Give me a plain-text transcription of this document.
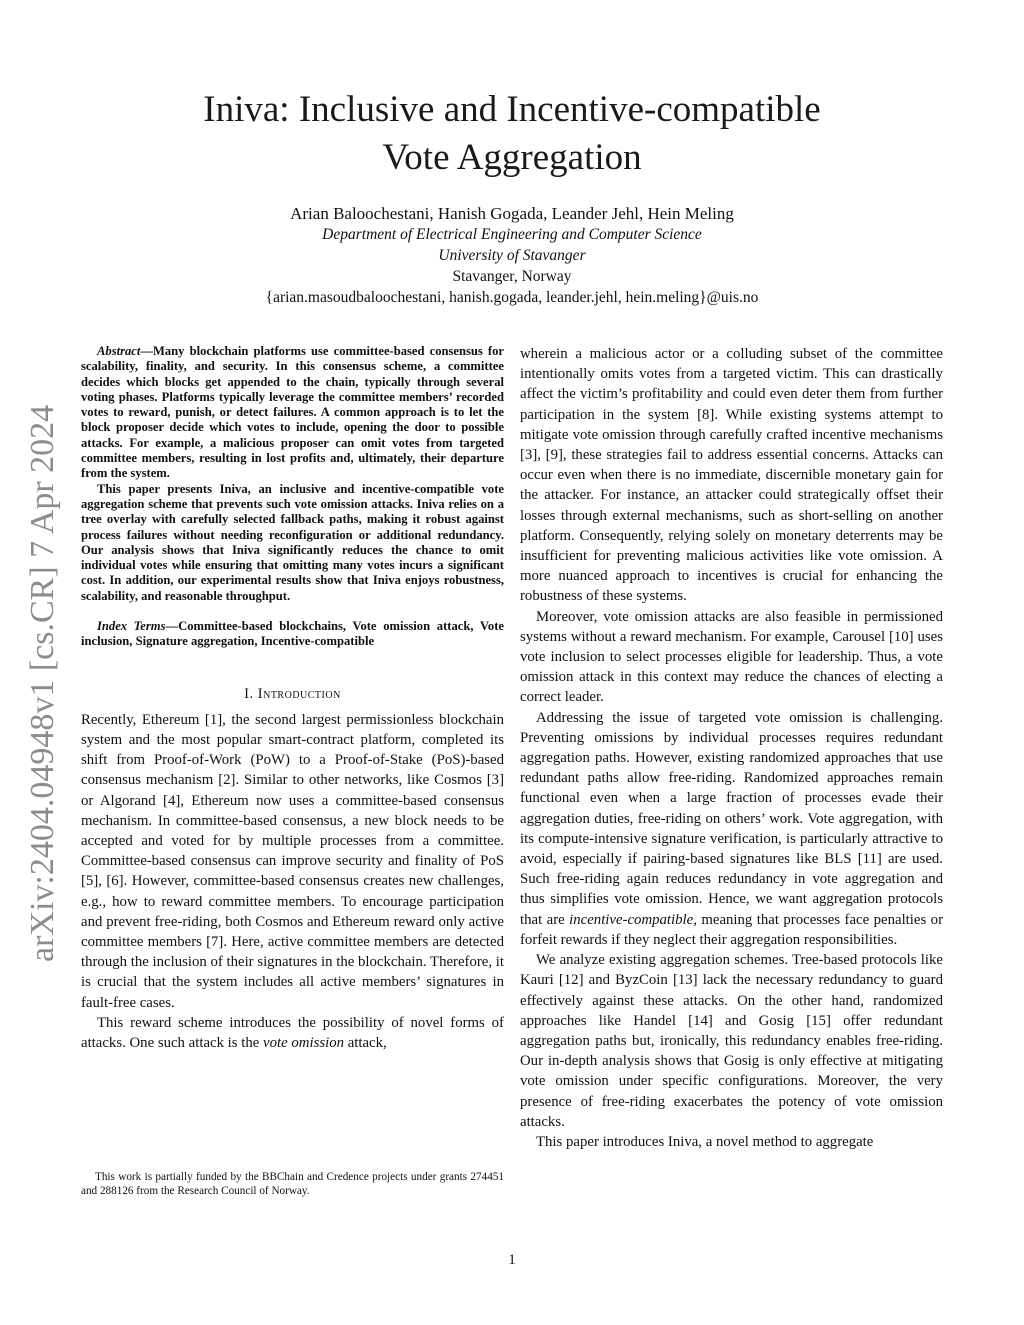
arXiv:2404.04948v1 [cs.CR] 7 Apr 2024
Iniva: Inclusive and Incentive-compatible
Vote Aggregation
Arian Baloochestani, Hanish Gogada, Leander Jehl, Hein Meling
Department of Electrical Engineering and Computer Science
University of Stavanger
Stavanger, Norway
{arian.masoudbaloochestani, hanish.gogada, leander.jehl, hein.meling}@uis.no

Abstract—Many blockchain platforms use committee-based consensus for scalability, finality, and security. In this consensus scheme, a committee decides which blocks get appended to the chain, typically through several voting phases. Platforms typically leverage the committee members’ recorded votes to reward, punish, or detect failures. A common approach is to let the block proposer decide which votes to include, opening the door to possible attacks. For example, a malicious proposer can omit votes from targeted committee members, resulting in lost profits and, ultimately, their departure from the system.

This paper presents Iniva, an inclusive and incentive-compatible vote aggregation scheme that prevents such vote omission attacks. Iniva relies on a tree overlay with carefully selected fallback paths, making it robust against process failures without needing reconfiguration or additional redundancy. Our analysis shows that Iniva significantly reduces the chance to omit individual votes while ensuring that omitting many votes incurs a significant cost. In addition, our experimental results show that Iniva enjoys robustness, scalability, and reasonable throughput.

Index Terms—Committee-based blockchains, Vote omission attack, Vote inclusion, Signature aggregation, Incentive-compatible

I. Introduction

Recently, Ethereum [1], the second largest permissionless blockchain system and the most popular smart-contract platform, completed its shift from Proof-of-Work (PoW) to a Proof-of-Stake (PoS)-based consensus mechanism [2]. Similar to other networks, like Cosmos [3] or Algorand [4], Ethereum now uses a committee-based consensus mechanism. In committee-based consensus, a new block needs to be accepted and voted for by multiple processes from a committee. Committee-based consensus can improve security and finality of PoS [5], [6]. However, committee-based consensus creates new challenges, e.g., how to reward committee members. To encourage participation and prevent free-riding, both Cosmos and Ethereum reward only active committee members [7]. Here, active committee members are detected through the inclusion of their signatures in the blockchain. Therefore, it is crucial that the system includes all active members’ signatures in fault-free cases.

This reward scheme introduces the possibility of novel forms of attacks. One such attack is the vote omission attack,

This work is partially funded by the BBChain and Credence projects under grants 274451 and 288126 from the Research Council of Norway.

wherein a malicious actor or a colluding subset of the committee intentionally omits votes from a targeted victim. This can drastically affect the victim’s profitability and could even deter them from further participation in the system [8]. While existing systems attempt to mitigate vote omission through carefully crafted incentive mechanisms [3], [9], these strategies fail to address essential concerns. Attacks can occur even when there is no immediate, discernible monetary gain for the attacker. For instance, an attacker could strategically offset their losses through external mechanisms, such as short-selling on another platform. Consequently, relying solely on monetary deterrents may be insufficient for preventing malicious activities like vote omission. A more nuanced approach to incentives is crucial for enhancing the robustness of these systems.

Moreover, vote omission attacks are also feasible in permissioned systems without a reward mechanism. For example, Carousel [10] uses vote inclusion to select processes eligible for leadership. Thus, a vote omission attack in this context may reduce the chances of electing a correct leader.

Addressing the issue of targeted vote omission is challenging. Preventing omissions by individual processes requires redundant aggregation paths. However, existing randomized approaches that use redundant paths allow free-riding. Randomized approaches remain functional even when a large fraction of processes evade their aggregation duties, free-riding on others’ work. Vote aggregation, with its compute-intensive signature verification, is particularly attractive to avoid, especially if pairing-based signatures like BLS [11] are used. Such free-riding again reduces redundancy in vote aggregation and thus simplifies vote omission. Hence, we want aggregation protocols that are incentive-compatible, meaning that processes face penalties or forfeit rewards if they neglect their aggregation responsibilities.

We analyze existing aggregation schemes. Tree-based protocols like Kauri [12] and ByzCoin [13] lack the necessary redundancy to guard effectively against these attacks. On the other hand, randomized approaches like Handel [14] and Gosig [15] offer redundant aggregation paths but, ironically, this redundancy enables free-riding. Our in-depth analysis shows that Gosig is only effective at mitigating vote omission under specific configurations. Moreover, the very presence of free-riding exacerbates the potency of vote omission attacks.

This paper introduces Iniva, a novel method to aggregate

1
